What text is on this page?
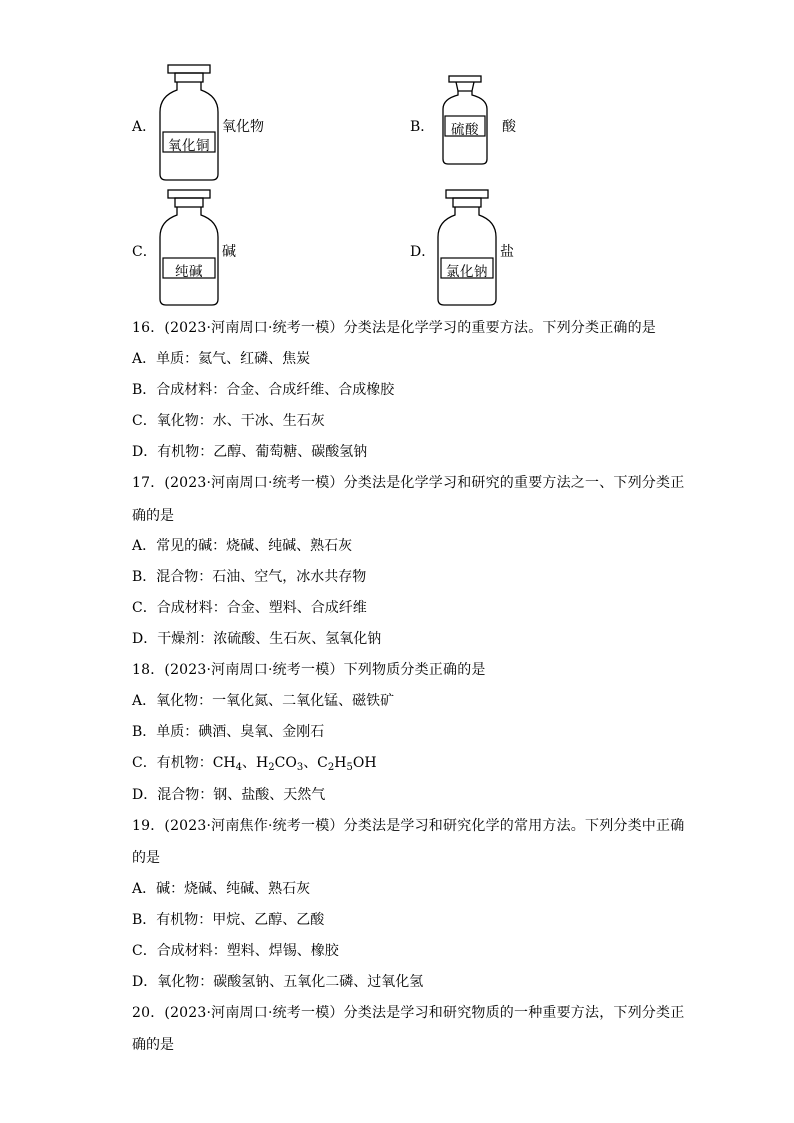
A．
氧化铜
氧化物	B．	硫酸	酸
C．
纯碱
碱	D．
氯化钠
盐
16．(2023·河南周口·统考一模）分类法是化学学习的重要方法。下列分类正确的是
A．单质：氦气、红磷、焦炭
B．合成材料：合金、合成纤维、合成橡胶
C．氧化物：水、干冰、生石灰
D．有机物：乙醇、葡萄糖、碳酸氢钠
17．(2023·河南周口·统考一模）分类法是化学学习和研究的重要方法之一、下列分类正
确的是
A．常见的碱：烧碱、纯碱、熟石灰
B．混合物：石油、空气，冰水共存物
C．合成材料：合金、塑料、合成纤维
D．干燥剂：浓硫酸、生石灰、氢氧化钠
18．(2023·河南周口·统考一模）下列物质分类正确的是
A．氧化物：一氧化氮、二氧化锰、磁铁矿
B．单质：碘酒、臭氧、金刚石
C．有机物：$CH_4$、$H_2CO_3$、$C_2H_5OH$
D．混合物：钢、盐酸、天然气
19．(2023·河南焦作·统考一模）分类法是学习和研究化学的常用方法。下列分类中正确
的是
A．碱：烧碱、纯碱、熟石灰
B．有机物：甲烷、乙醇、乙酸
C．合成材料：塑料、焊锡、橡胶
D．氧化物：碳酸氢钠、五氧化二磷、过氧化氢
20．(2023·河南周口·统考一模）分类法是学习和研究物质的一种重要方法，下列分类正
确的是
